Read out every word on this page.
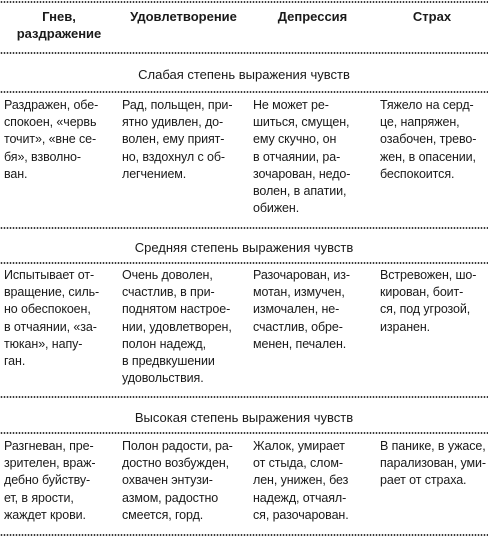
Гнев, раздражение
Удовлетворение	Депрессия	Страх
Слабая степень выражения чувств
Раздражен, обе-
спокоен, «червь
точит», «вне се-
бя», взволно-
ван.
Рад, польщен, при-
ятно удивлен, до-
волен, ему прият-
но, вздохнул с об-
легчением.
Не может ре-
шиться, смущен,
ему скучно, он
в отчаянии, ра-
зочарован, недо-
волен, в апатии,
обижен.
Тяжело на серд-
це, напряжен,
озабочен, трево-
жен, в опасении,
беспокоится.
Средняя степень выражения чувств
Испытывает от-
вращение, силь-
но обеспокоен,
в отчаянии, «за-
тюкан», напу-
ган.
Очень доволен,
счастлив, в при-
поднятом настрое-
нии, удовлетворен,
полон надежд,
в предвкушении
удовольствия.
Разочарован, из-
мотан, измучен,
измочален, не-
счастлив, обре-
менен, печален.
Встревожен, шо-
кирован, боит-
ся, под угрозой,
изранен.
Высокая степень выражения чувств
Разгневан, пре-
зрителен, враж-
дебно буйству-
ет, в ярости,
жаждет крови.
Полон радости, ра-
достно возбужден,
охвачен энтузи-
азмом, радостно
смеется, горд.
Жалок, умирает
от стыда, слом-
лен, унижен, без
надежд, отчаял-
ся, разочарован.
В панике, в ужасе,
парализован, уми-
рает от страха.
